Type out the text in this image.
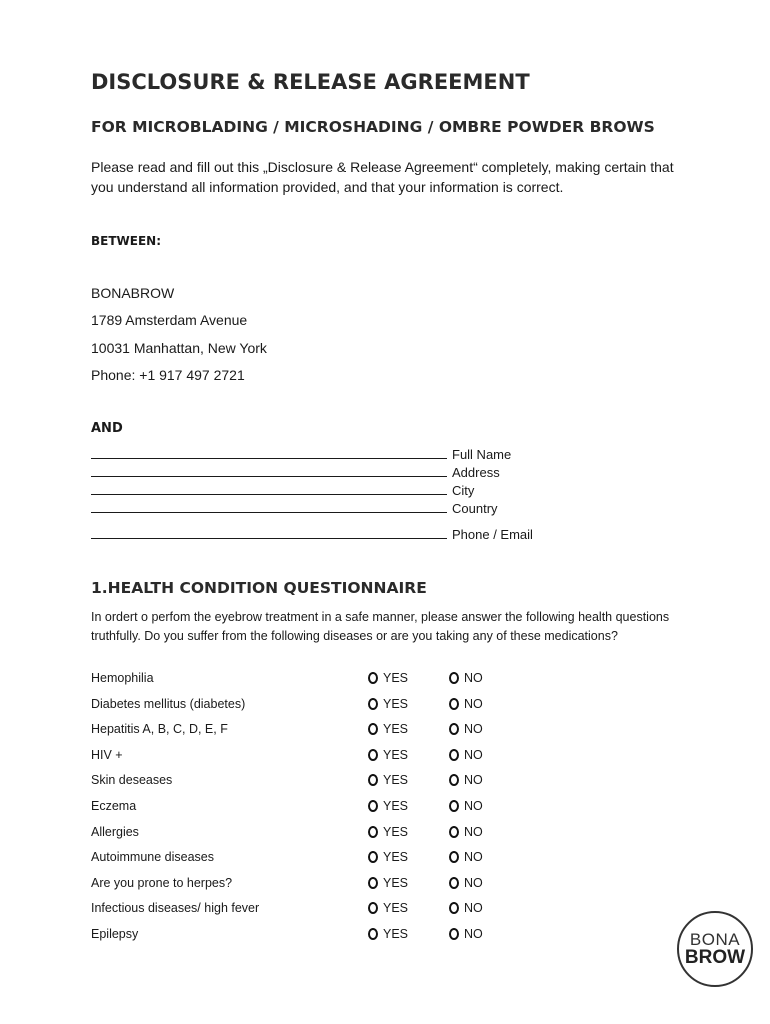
DISCLOSURE & RELEASE AGREEMENT
FOR MICROBLADING / MICROSHADING / OMBRE POWDER BROWS
Please read and fill out this „Disclosure & Release Agreement“ completely, making certain that you understand all information provided, and that your information is correct.
BETWEEN:
BONABROW
1789 Amsterdam Avenue
10031 Manhattan, New York
Phone: +1 917 497 2721
AND
Full Name
Address
City
Country
Phone / Email
1.HEALTH CONDITION QUESTIONNAIRE
In ordert o perfom the eyebrow treatment in a safe manner, please answer the following health questions truthfully. Do you suffer from the following diseases or are you taking any of these medications?
Hemophilia	YES	NO
Diabetes mellitus (diabetes)	YES	NO
Hepatitis A, B, C, D, E, F	YES	NO
HIV +	YES	NO
Skin deseases	YES	NO
Eczema	YES	NO
Allergies	YES	NO
Autoimmune diseases	YES	NO
Are you prone to herpes?	YES	NO
Infectious diseases/ high fever	YES	NO
Epilepsy	YES	NO	BONA
BROW
